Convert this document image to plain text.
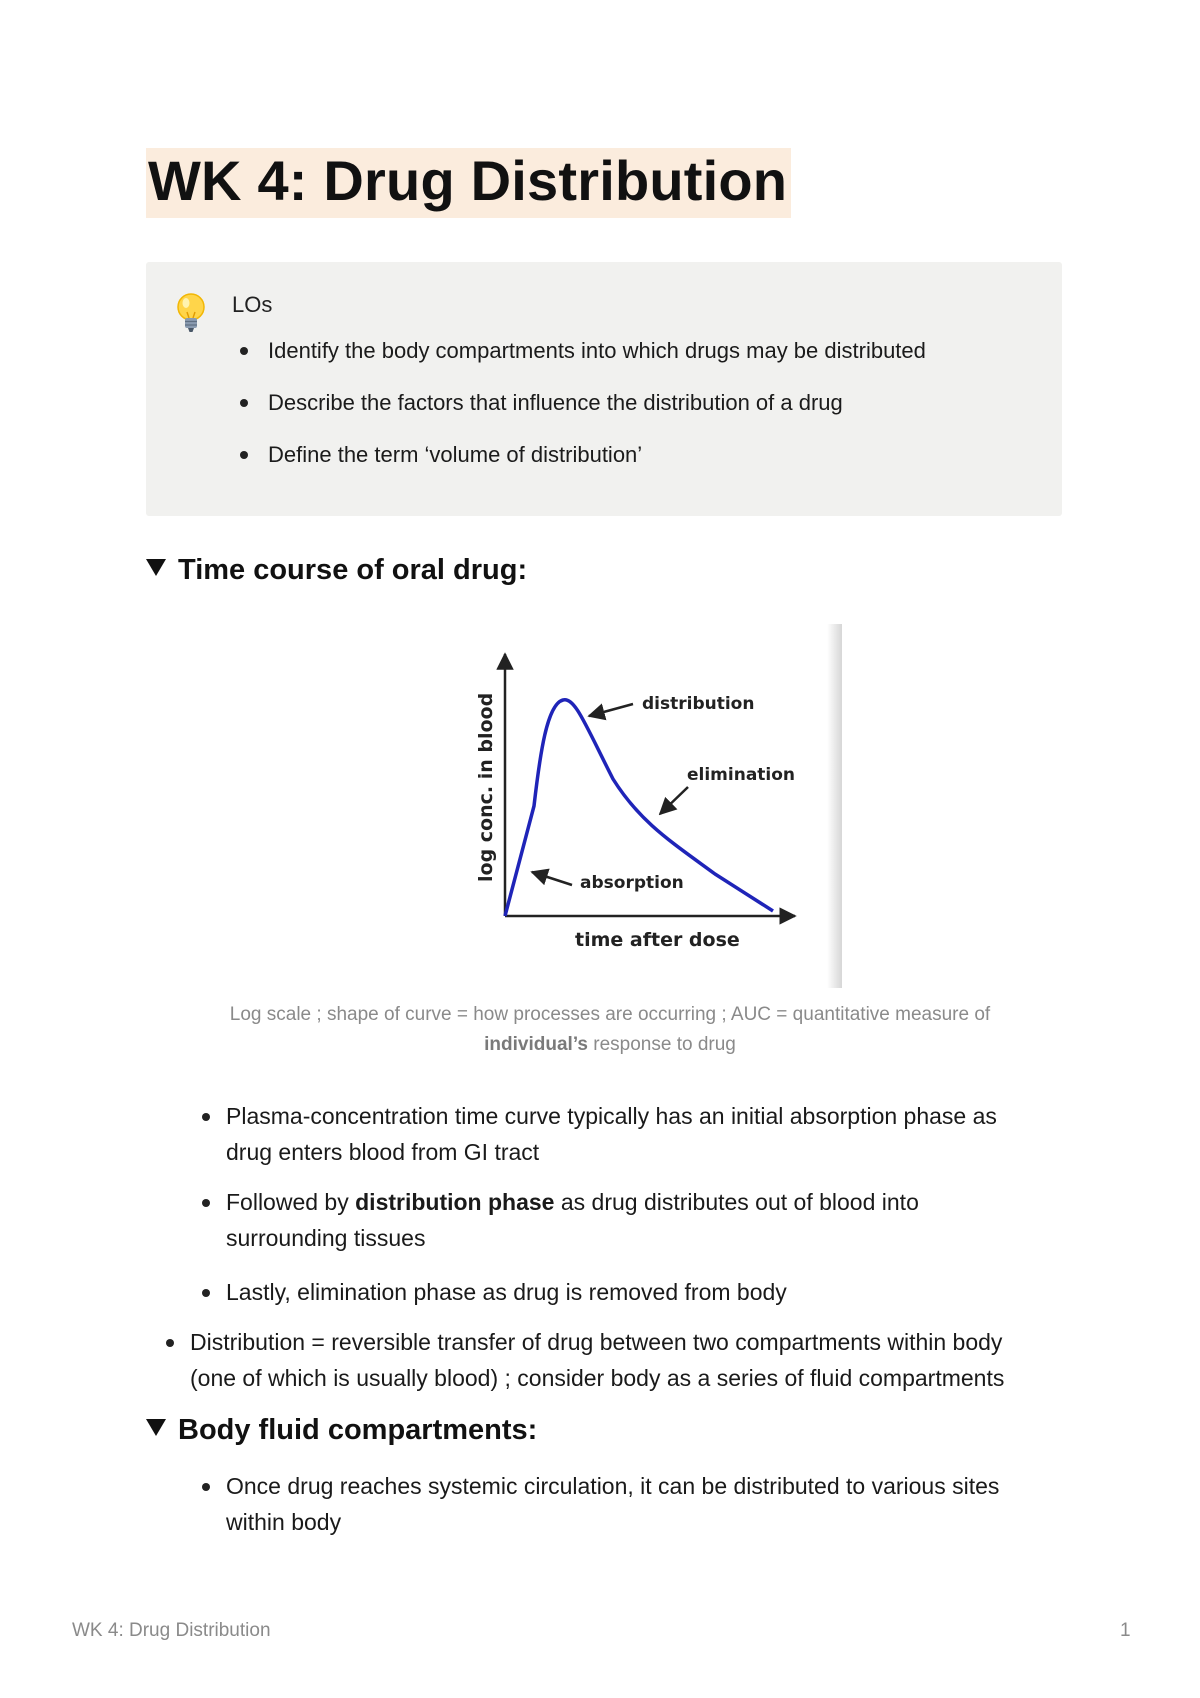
WK 4: Drug Distribution
LOs
Identify the body compartments into which drugs may be distributed
Describe the factors that influence the distribution of a drug
Define the term ‘volume of distribution’
Time course of oral drug:
distribution
elimination
absorption
time after dose
log conc. in blood
Log scale ; shape of curve = how processes are occurring ; AUC = quantitative measure of
individual’s response to drug
Plasma-concentration time curve typically has an initial absorption phase as
drug enters blood from GI tract
Followed by distribution phase as drug distributes out of blood into
surrounding tissues
Lastly, elimination phase as drug is removed from body
Distribution = reversible transfer of drug between two compartments within body
(one of which is usually blood) ; consider body as a series of fluid compartments
Body fluid compartments:
Once drug reaches systemic circulation, it can be distributed to various sites
within body
WK 4: Drug Distribution	1
